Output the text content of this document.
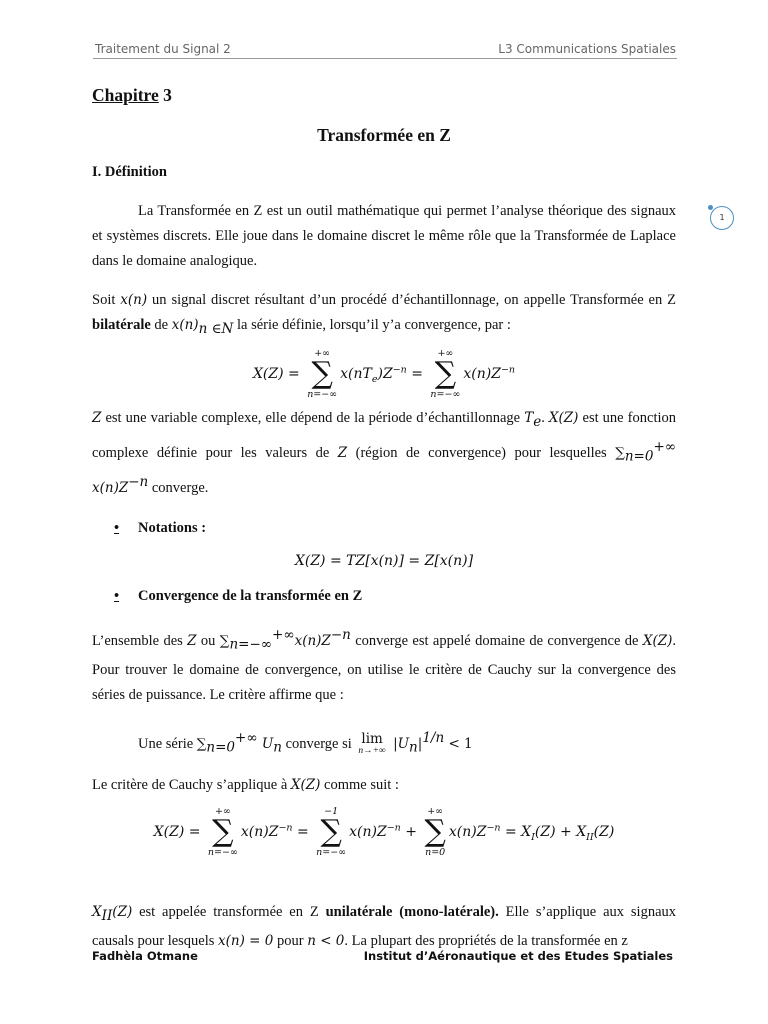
Traitement du Signal 2	L3 Communications Spatiales
1
Chapitre 3
Transformée en Z
I. Définition

La Transformée en Z est un outil mathématique qui permet l’analyse théorique des signaux et systèmes discrets. Elle joue dans le domaine discret le même rôle que la Transformée de Laplace dans le domaine analogique.

Soit x(n) un signal discret résultant d’un procédé d’échantillonnage, on appelle Transformée en Z bilatérale de $x(n)_{n \in N}$ la série définie, lorsqu’il y’a convergence, par :

X(Z) =
+∞
∑
n=−∞
$x(nT_e)Z^{-n}$ =
+∞
∑
n=−∞
$x(n)Z^{-n}$

Z est une variable complexe, elle dépend de la période d’échantillonnage $T_e$. X(Z) est une fonction complexe définie pour les valeurs de Z (région de convergence) pour lesquelles $\sum_{n=0}^{+\infty}$ $x(n)Z^{-n}$ converge.

• Notations :
X(Z) = TZ[x(n)] = Z[x(n)]
• Convergence de la transformée en Z

L’ensemble des Z ou $\sum_{n=-\infty}^{+\infty}x(n)Z^{-n}$ converge est appelé domaine de convergence de X(Z). Pour trouver le domaine de convergence, on utilise le critère de Cauchy sur la convergence des séries de puissance. Le critère affirme que :

Une série $\sum_{n=0}^{+\infty}$ $U_n$ converge si lim
n→+∞ $|U_n|^{1/n} < 1$

Le critère de Cauchy s’applique à X(Z) comme suit :

X(Z) =
+∞
∑
n=−∞
$x(n)Z^{-n}$ =
−1
∑
n=−∞
$x(n)Z^{-n}$ +
+∞
∑
n=0
$x(n)Z^{-n} = X_I(Z) + X_{II}(Z)$

$X_{II}(Z)$ est appelée transformée en Z unilatérale (mono-latérale). Elle s’applique aux signaux causals pour lesquels x(n) = 0 pour n < 0. La plupart des propriétés de la transformée en z

Fadhèla Otmane	Institut d’Aéronautique et des Etudes Spatiales
